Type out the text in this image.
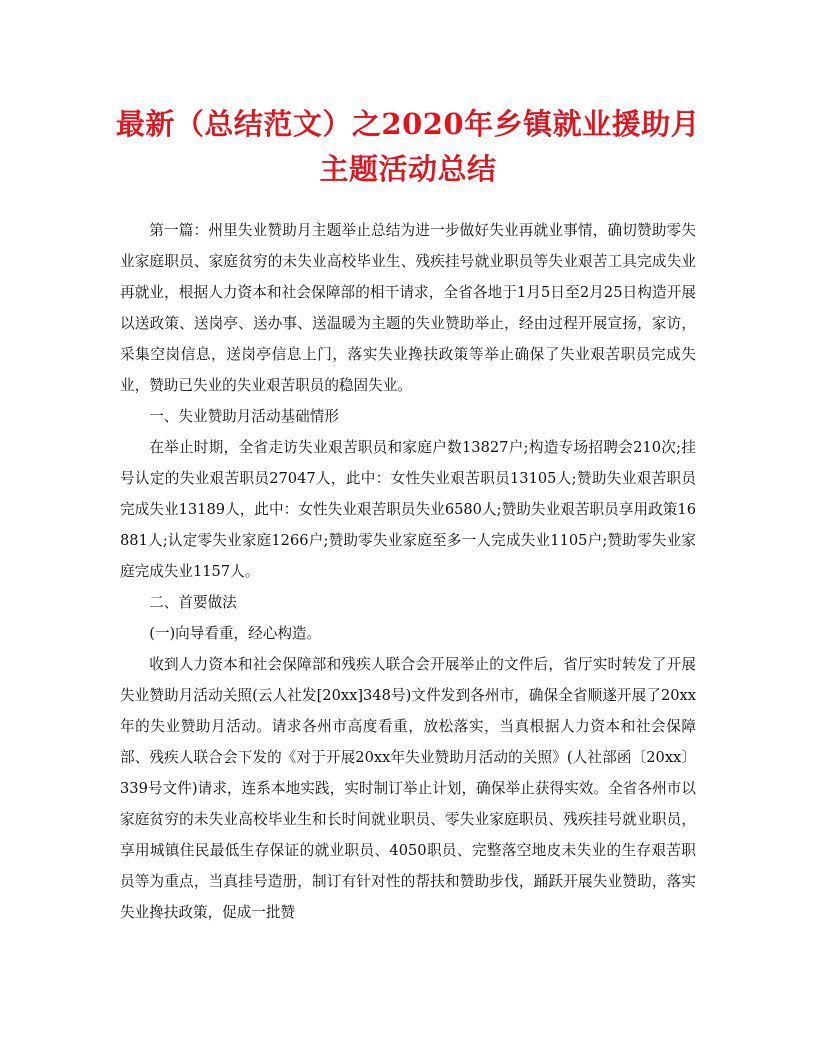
最新（总结范文）之2020年乡镇就业援助月主题活动总结

第一篇：州里失业赞助月主题举止总结为进一步做好失业再就业事情，确切赞助零失业家庭职员、家庭贫穷的未失业高校毕业生、残疾挂号就业职员等失业艰苦工具完成失业再就业，根据人力资本和社会保障部的相干请求，全省各地于1月5日至2月25日构造开展以送政策、送岗亭、送办事、送温暖为主题的失业赞助举止，经由过程开展宣扬，家访，采集空岗信息，送岗亭信息上门，落实失业搀扶政策等举止确保了失业艰苦职员完成失业，赞助已失业的失业艰苦职员的稳固失业。

一、失业赞助月活动基础情形

在举止时期，全省走访失业艰苦职员和家庭户数13827户;构造专场招聘会210次;挂号认定的失业艰苦职员27047人，此中：女性失业艰苦职员13105人;赞助失业艰苦职员完成失业13189人，此中：女性失业艰苦职员失业6580人;赞助失业艰苦职员享用政策16881人;认定零失业家庭1266户;赞助零失业家庭至多一人完成失业1105户;赞助零失业家庭完成失业1157人。

二、首要做法

(一)向导看重，经心构造。

收到人力资本和社会保障部和残疾人联合会开展举止的文件后，省厅实时转发了开展失业赞助月活动关照(云人社发[20xx]348号)文件发到各州市，确保全省顺遂开展了20xx年的失业赞助月活动。请求各州市高度看重，放松落实，当真根据人力资本和社会保障部、残疾人联合会下发的《对于开展20xx年失业赞助月活动的关照》(人社部函〔20xx〕339号文件)请求，连系本地实践，实时制订举止计划，确保举止获得实效。全省各州市以家庭贫穷的未失业高校毕业生和长时间就业职员、零失业家庭职员、残疾挂号就业职员，享用城镇住民最低生存保证的就业职员、4050职员、完整落空地皮未失业的生存艰苦职员等为重点，当真挂号造册，制订有针对性的帮扶和赞助步伐，踊跃开展失业赞助，落实失业搀扶政策，促成一批赞
